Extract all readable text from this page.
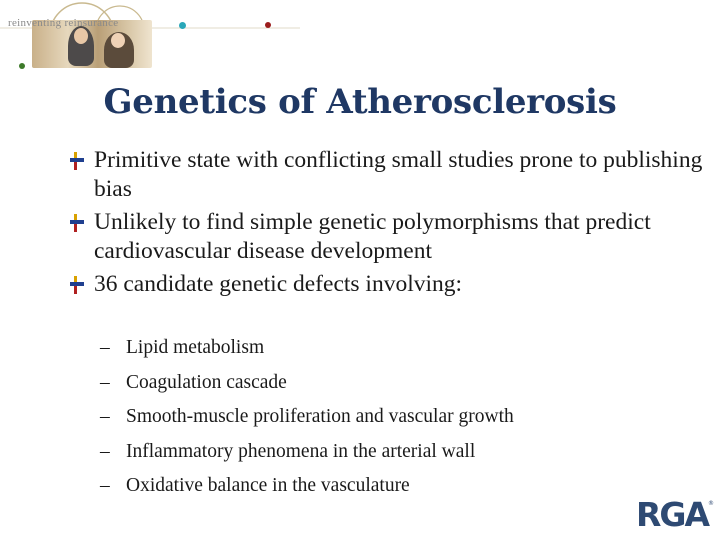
reinventing reinsurance
Genetics of Atherosclerosis
Primitive state with conflicting small studies prone to publishing bias
Unlikely to find simple genetic polymorphisms that predict cardiovascular disease development
36 candidate genetic defects involving:
– Lipid metabolism
– Coagulation cascade
– Smooth-muscle proliferation and vascular growth
– Inflammatory phenomena in the arterial wall
– Oxidative balance in the vasculature
RGA ®
